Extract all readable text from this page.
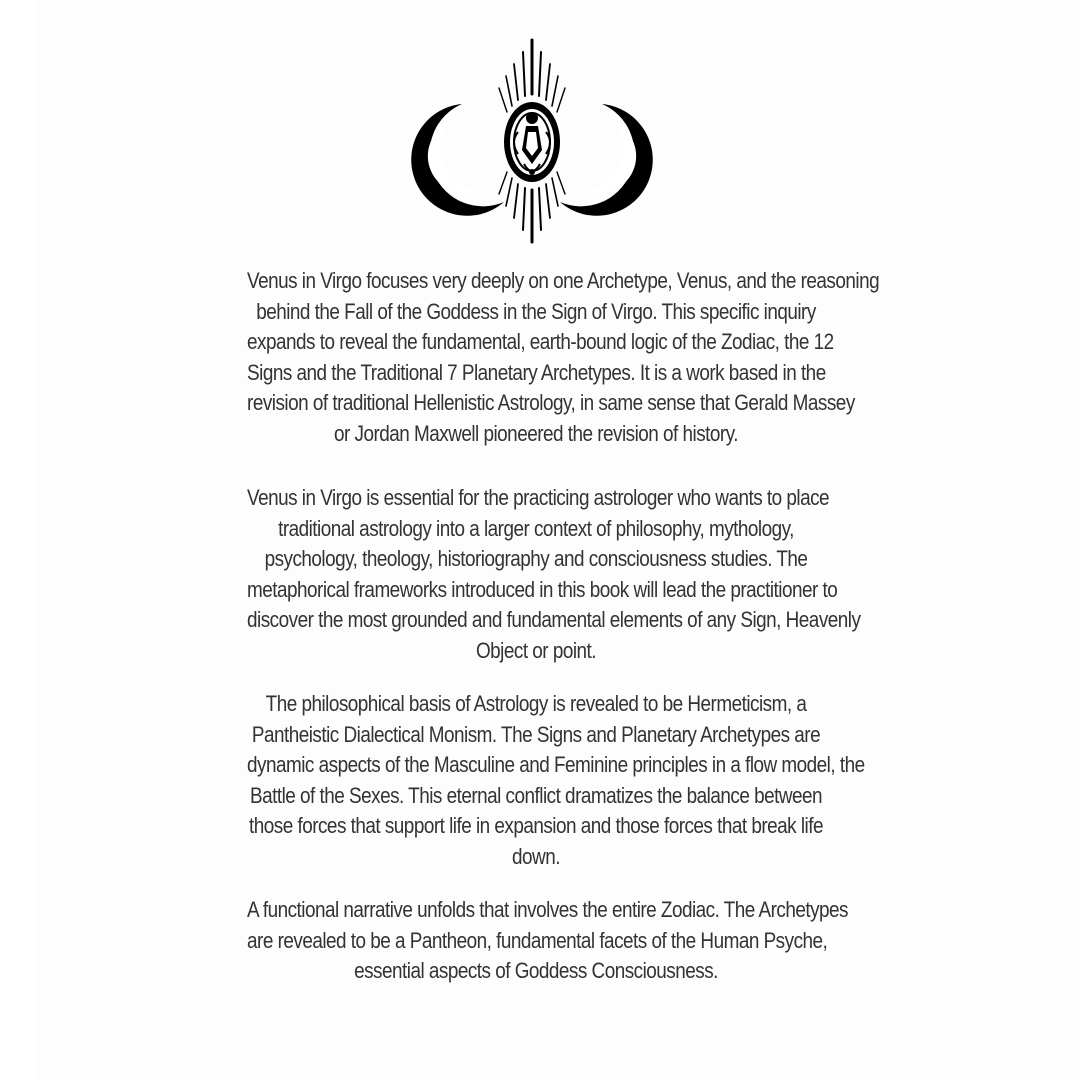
Venus in Virgo focuses very deeply on one Archetype, Venus, and the reasoning
behind the Fall of the Goddess in the Sign of Virgo. This specific inquiry
expands to reveal the fundamental, earth-bound logic of the Zodiac, the 12
Signs and the Traditional 7 Planetary Archetypes. It is a work based in the
revision of traditional Hellenistic Astrology, in same sense that Gerald Massey
or Jordan Maxwell pioneered the revision of history.
Venus in Virgo is essential for the practicing astrologer who wants to place
traditional astrology into a larger context of philosophy, mythology,
psychology, theology, historiography and consciousness studies. The
metaphorical frameworks introduced in this book will lead the practitioner to
discover the most grounded and fundamental elements of any Sign, Heavenly
Object or point.
The philosophical basis of Astrology is revealed to be Hermeticism, a
Pantheistic Dialectical Monism. The Signs and Planetary Archetypes are
dynamic aspects of the Masculine and Feminine principles in a flow model, the
Battle of the Sexes. This eternal conflict dramatizes the balance between
those forces that support life in expansion and those forces that break life
down.
A functional narrative unfolds that involves the entire Zodiac. The Archetypes
are revealed to be a Pantheon, fundamental facets of the Human Psyche,
essential aspects of Goddess Consciousness.
